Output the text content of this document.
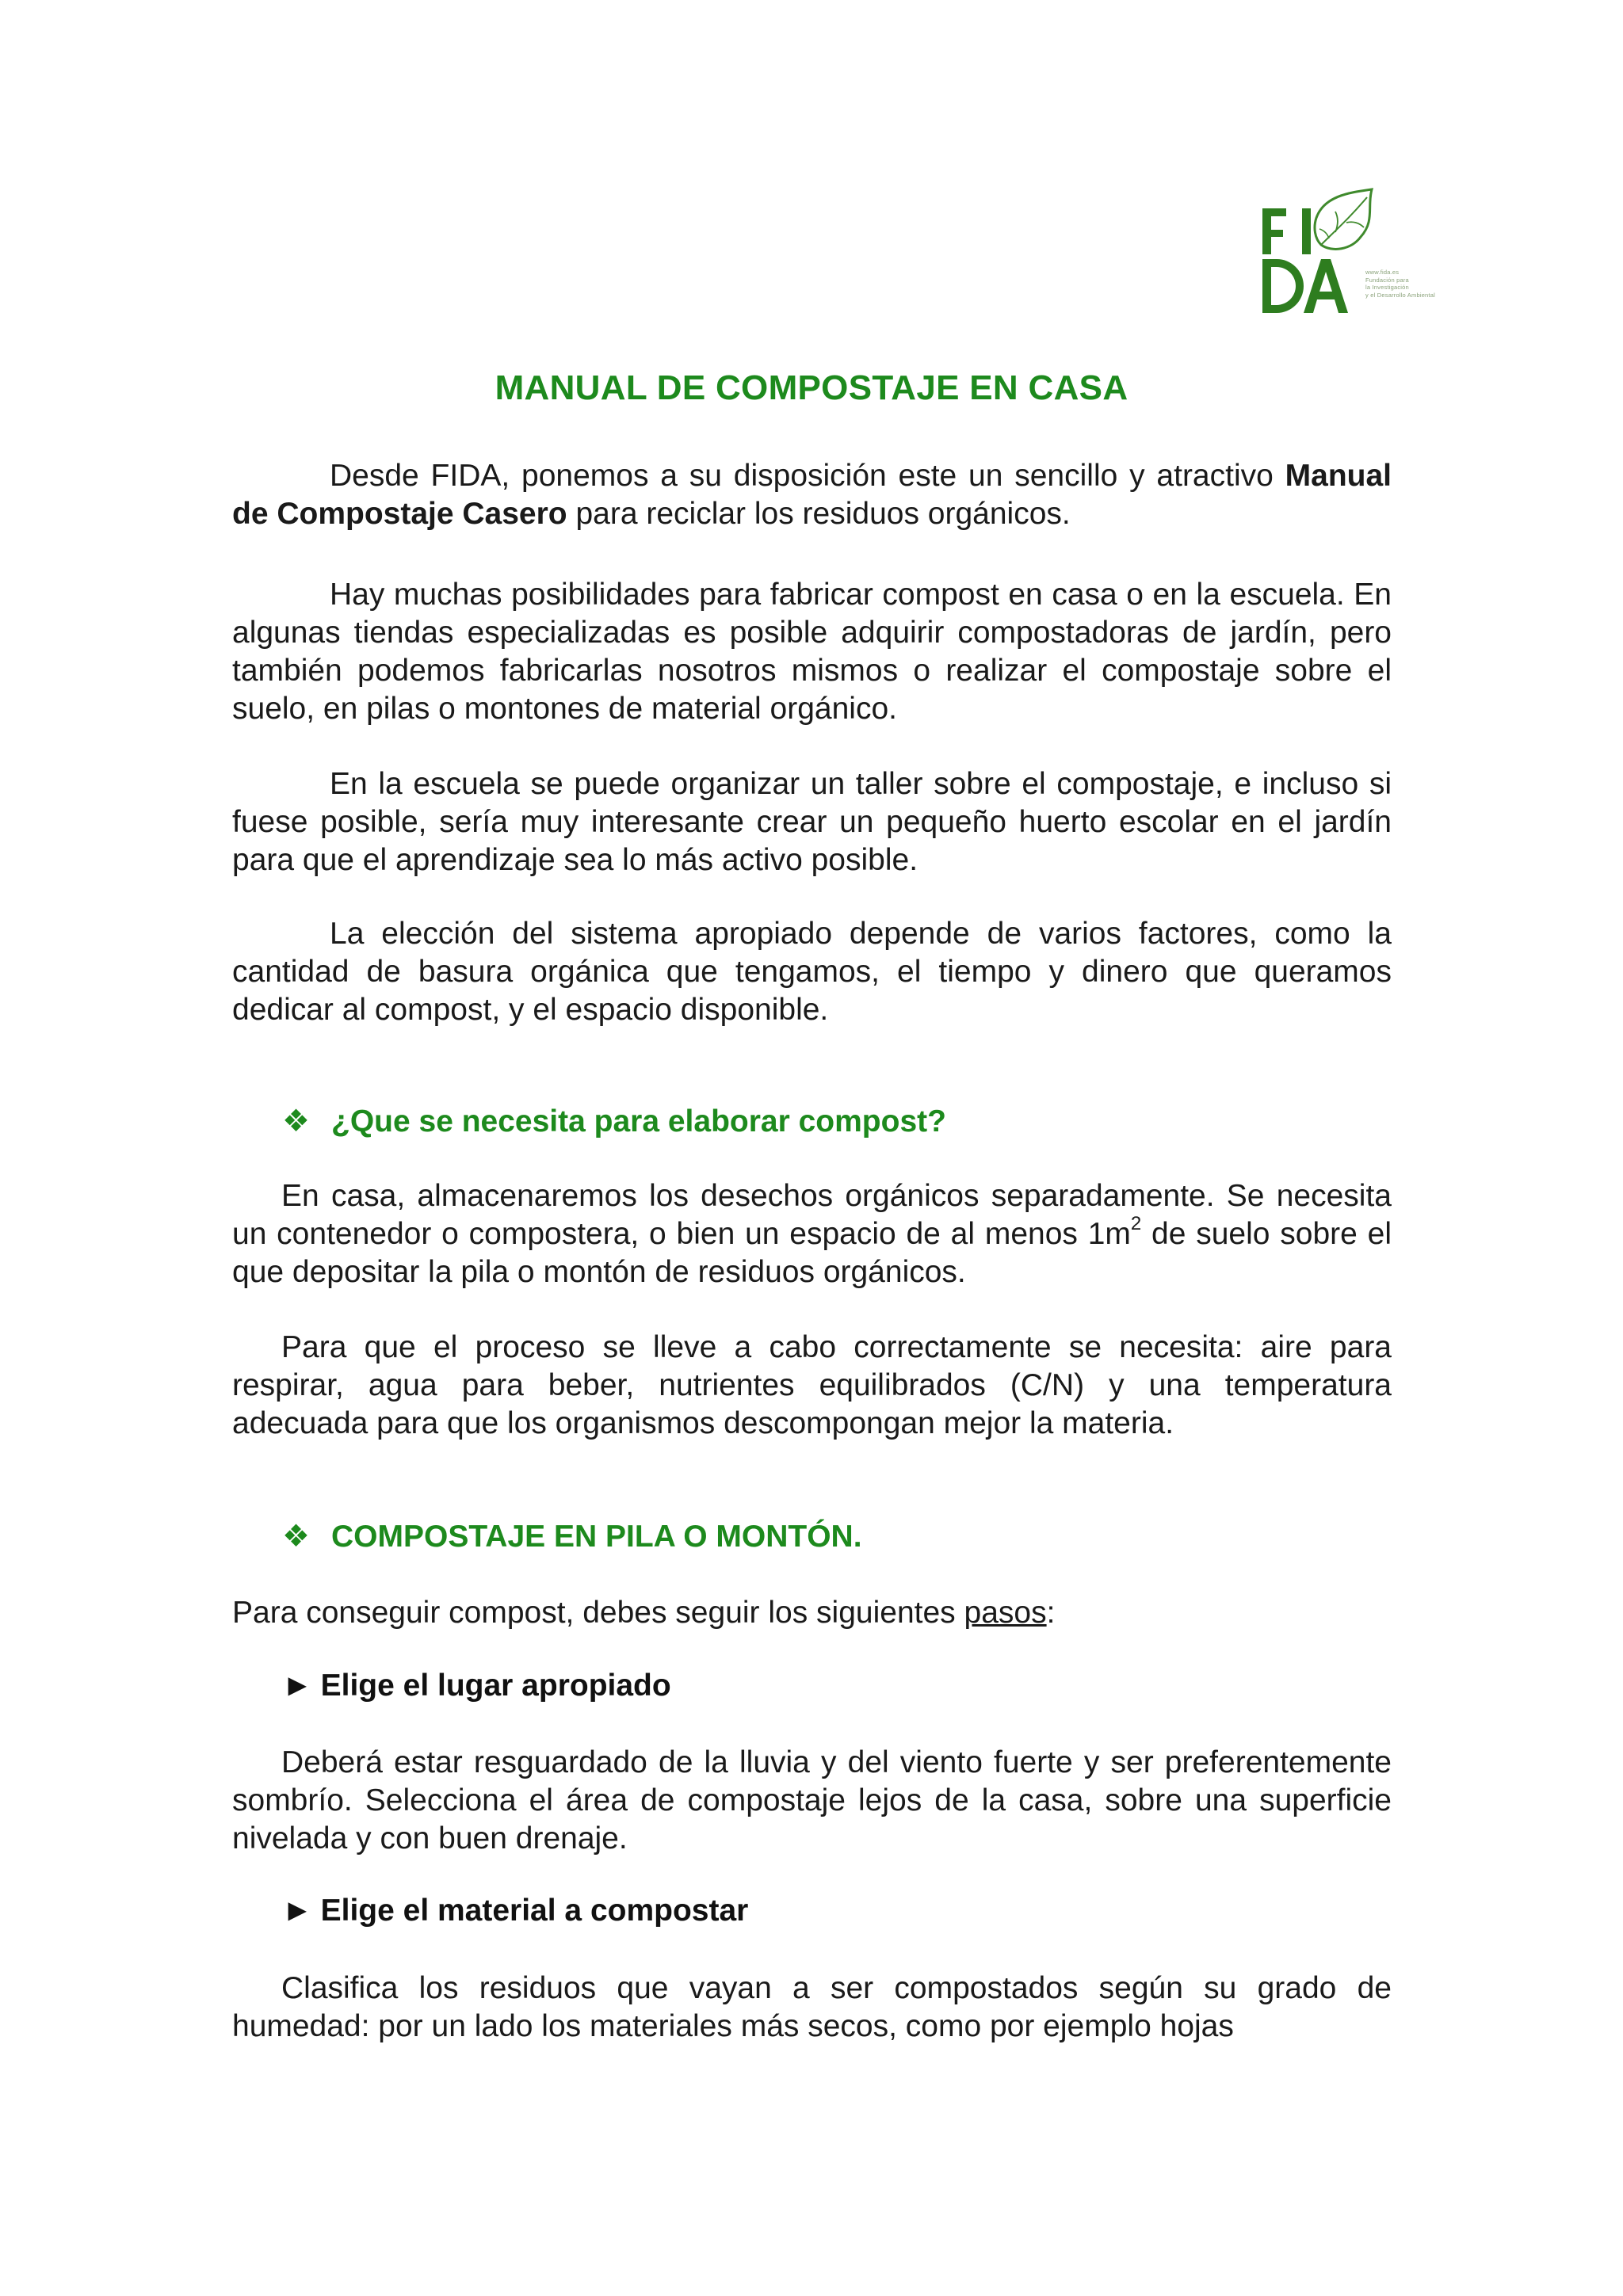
www.fida.es
Fundación para
la Investigación
y el Desarrollo Ambiental
MANUAL DE COMPOSTAJE EN CASA

Desde FIDA, ponemos a su disposición este un sencillo y atractivo Manual de Compostaje Casero para reciclar los residuos orgánicos.

Hay muchas posibilidades para fabricar compost en casa o en la escuela. En algunas tiendas especializadas es posible adquirir compostadoras de jardín, pero también podemos fabricarlas nosotros mismos o realizar el compostaje sobre el suelo, en pilas o montones de material orgánico.

En la escuela se puede organizar un taller sobre el compostaje, e incluso si fuese posible, sería muy interesante crear un pequeño huerto escolar en el jardín para que el aprendizaje sea lo más activo posible.

La elección del sistema apropiado depende de varios factores, como la cantidad de basura orgánica que tengamos, el tiempo y dinero que queramos dedicar al compost, y el espacio disponible.

❖ ¿Que se necesita para elaborar compost?

En casa, almacenaremos los desechos orgánicos separadamente. Se necesita un contenedor o compostera, o bien un espacio de al menos $1m^2$ de suelo sobre el que depositar la pila o montón de residuos orgánicos.

Para que el proceso se lleve a cabo correctamente se necesita: aire para respirar, agua para beber, nutrientes equilibrados (C/N) y una temperatura adecuada para que los organismos descompongan mejor la materia.

❖ COMPOSTAJE EN PILA O MONTÓN.

Para conseguir compost, debes seguir los siguientes pasos:

► Elige el lugar apropiado

Deberá estar resguardado de la lluvia y del viento fuerte y ser preferentemente sombrío. Selecciona el área de compostaje lejos de la casa, sobre una superficie nivelada y con buen drenaje.

► Elige el material a compostar

Clasifica los residuos que vayan a ser compostados según su grado de humedad: por un lado los materiales más secos, como por ejemplo hojas
